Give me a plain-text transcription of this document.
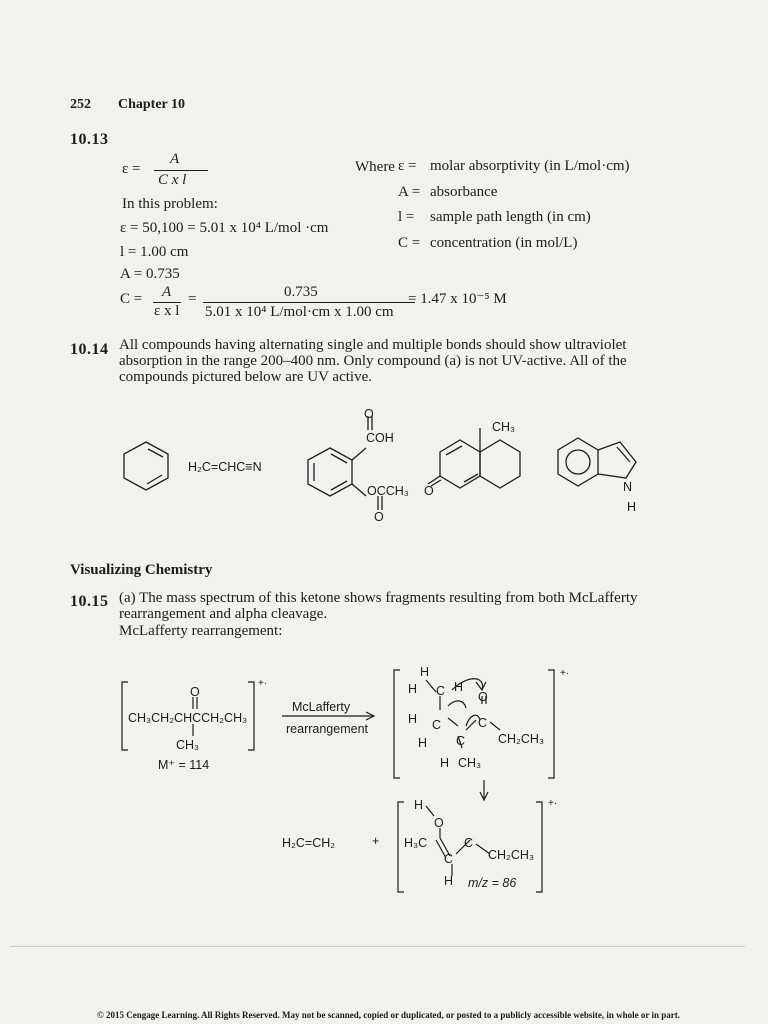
252 Chapter 10
10.13
ε =
A
C x l
In this problem:
ε = 50,100 = 5.01 x 10⁴ L/mol ·cm
l = 1.00 cm
A = 0.735
C = A
ε x l
=	0.735
5.01 x 10⁴ L/mol·cm x 1.00 cm
= 1.47 x 10⁻⁵ M
Where ε = molar absorptivity (in L/mol·cm)
A = absorbance
l = sample path length (in cm)
C = concentration (in mol/L)
10.14 All compounds having alternating single and multiple bonds should show ultraviolet absorption in the range 200–400 nm. Only compound (a) is not UV-active. All of the compounds pictured below are UV active.
H₂C=CHC≡N
O
COH
OCCH₃
O
CH₃
O	N
H
Visualizing Chemistry
10.15 (a) The mass spectrum of this ketone shows fragments resulting from both McLafferty rearrangement and alpha cleavage.
McLafferty rearrangement:
O
CH₃CH₂CHCCH₂CH₃
CH₃
+·
M⁺ = 114
McLafferty
rearrangement
H
H C H
O
H C	C
H C	CH₂CH₃
H CH₃
+·
H₂C=CH₂	+
H
O
H₃C
C
C
CH₂CH₃
H m/z = 86
+·
© 2015 Cengage Learning. All Rights Reserved. May not be scanned, copied or duplicated, or posted to a publicly accessible website, in whole or in part.
